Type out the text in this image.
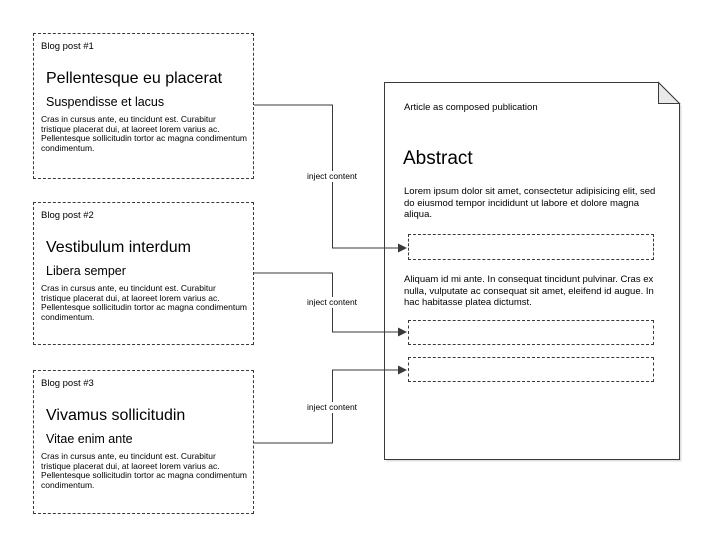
Blog post #1
Pellentesque eu placerat
Suspendisse et lacus
Cras in cursus ante, eu tincidunt est. Curabitur tristique placerat dui, at laoreet lorem varius ac. Pellentesque sollicitudin tortor ac magna condimentum condimentum.
Blog post #2
Vestibulum interdum
Libera semper
Cras in cursus ante, eu tincidunt est. Curabitur tristique placerat dui, at laoreet lorem varius ac. Pellentesque sollicitudin tortor ac magna condimentum condimentum.
Blog post #3
Vivamus sollicitudin
Vitae enim ante
Cras in cursus ante, eu tincidunt est. Curabitur tristique placerat dui, at laoreet lorem varius ac. Pellentesque sollicitudin tortor ac magna condimentum condimentum.
Article as composed publication
Abstract
Lorem ipsum dolor sit amet, consectetur adipisicing elit, sed do eiusmod tempor incididunt ut labore et dolore magna aliqua.
Aliquam id mi ante. In consequat tincidunt pulvinar. Cras ex nulla, vulputate ac consequat sit amet, eleifend id augue. In hac habitasse platea dictumst.
inject content
inject content
inject content
